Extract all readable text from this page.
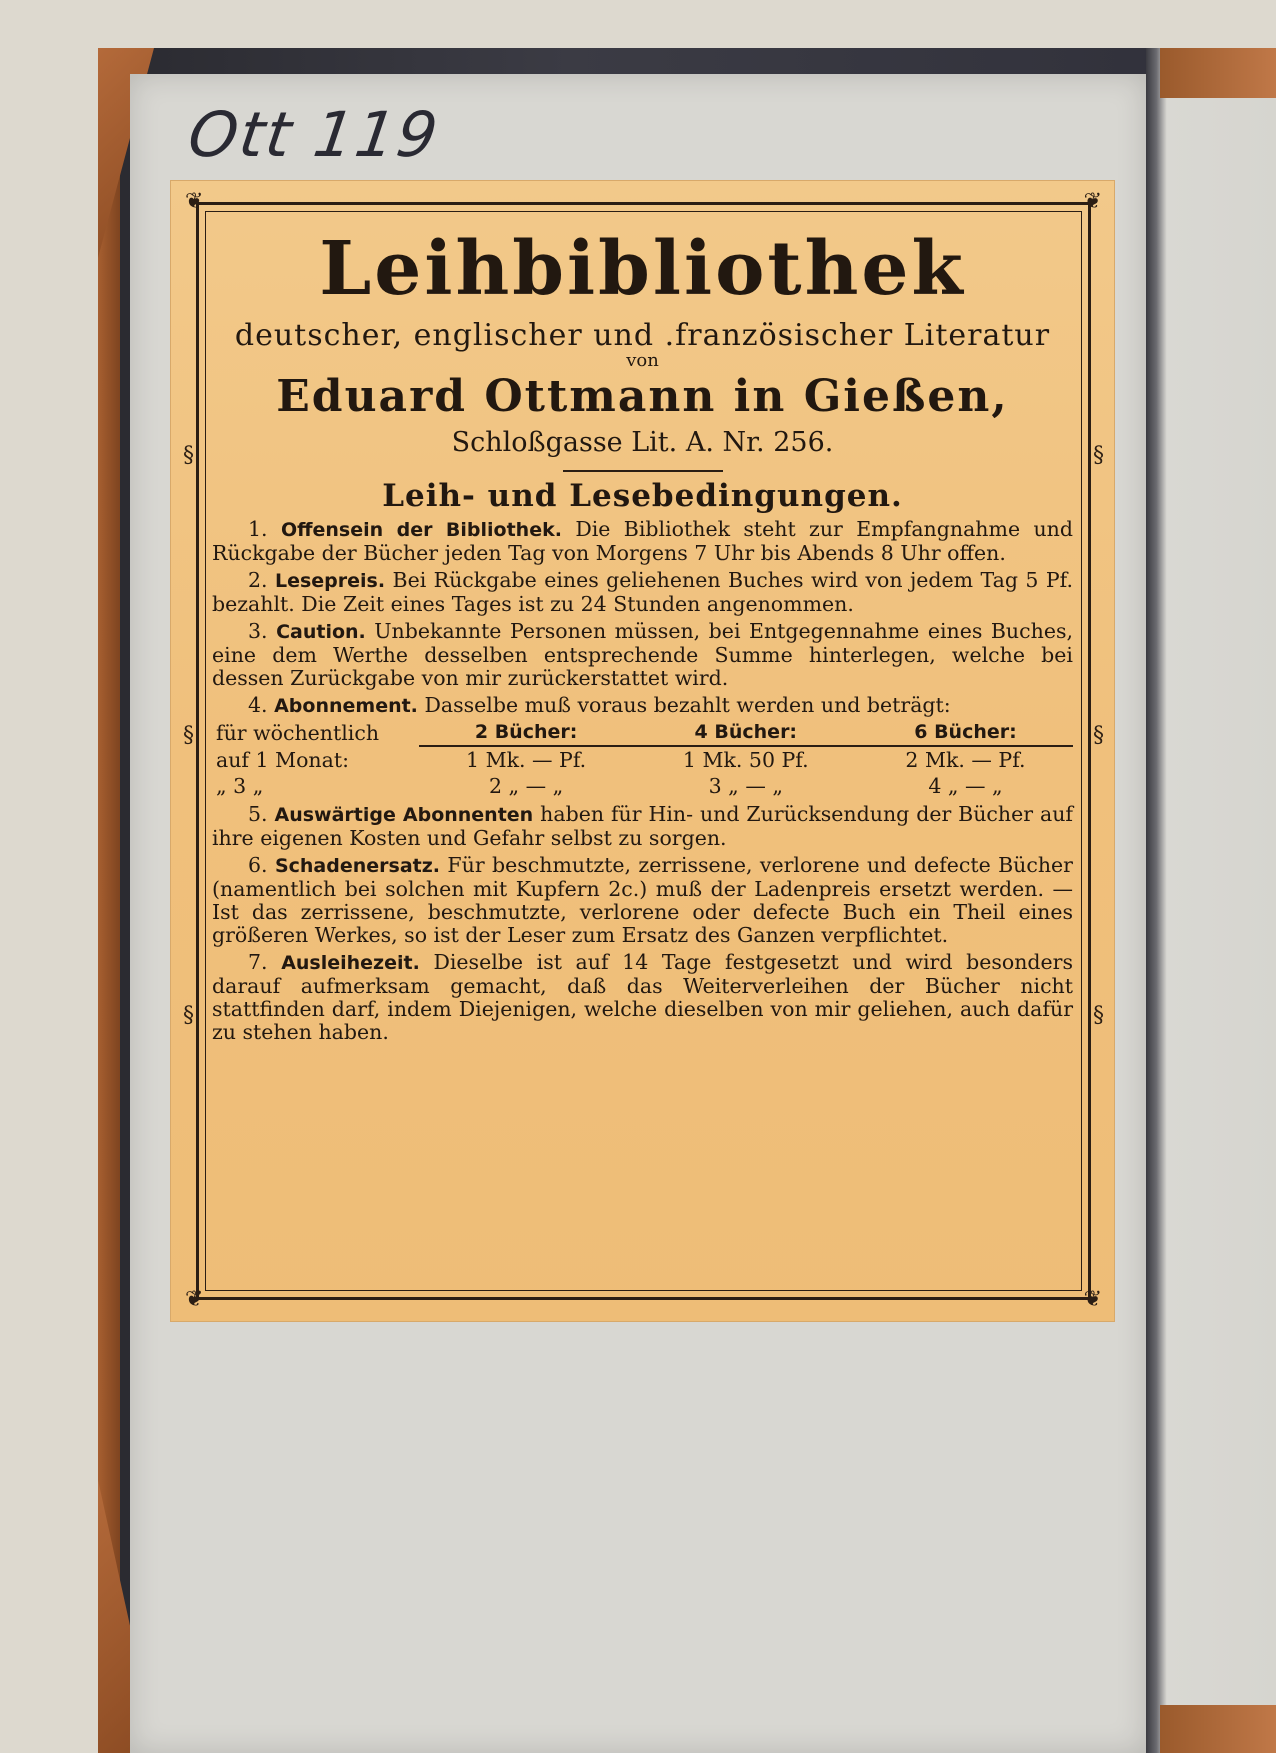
Ott 119
❦	❦
❦	❦
§
§
§
§
§
§
Leihbibliothek
deutscher, englischer und .französischer Literatur
von
Eduard Ottmann in Gießen,
Schloßgasse Lit. A. Nr. 256.
Leih- und Lesebedingungen.
1. Offensein der Bibliothek. Die Bibliothek steht zur Empfangnahme und Rückgabe der Bücher jeden Tag von Morgens 7 Uhr bis Abends 8 Uhr offen.
2. Lesepreis. Bei Rückgabe eines geliehenen Buches wird von jedem Tag 5 Pf. bezahlt. Die Zeit eines Tages ist zu 24 Stunden angenommen.
3. Caution. Unbekannte Personen müssen, bei Entgegennahme eines Buches, eine dem Werthe desselben entsprechende Summe hinterlegen, welche bei dessen Zurückgabe von mir zurückerstattet wird.
4. Abonnement. Dasselbe muß voraus bezahlt werden und beträgt:
für wöchentlich	2 Bücher:	4 Bücher:	6 Bücher:
auf 1 Monat:	1 Mk. — Pf.	1 Mk. 50 Pf.	2 Mk. — Pf.
„ 3 „	2 „ — „	3 „ — „	4 „ — „
5. Auswärtige Abonnenten haben für Hin- und Zurücksendung der Bücher auf ihre eigenen Kosten und Gefahr selbst zu sorgen.
6. Schadenersatz. Für beschmutzte, zerrissene, verlorene und defecte Bücher (namentlich bei solchen mit Kupfern 2c.) muß der Ladenpreis ersetzt werden. — Ist das zerrissene, beschmutzte, verlorene oder defecte Buch ein Theil eines größeren Werkes, so ist der Leser zum Ersatz des Ganzen verpflichtet.
7. Ausleihezeit. Dieselbe ist auf 14 Tage festgesetzt und wird besonders darauf aufmerksam gemacht, daß das Weiterverleihen der Bücher nicht stattfinden darf, indem Diejenigen, welche dieselben von mir geliehen, auch dafür zu stehen haben.
